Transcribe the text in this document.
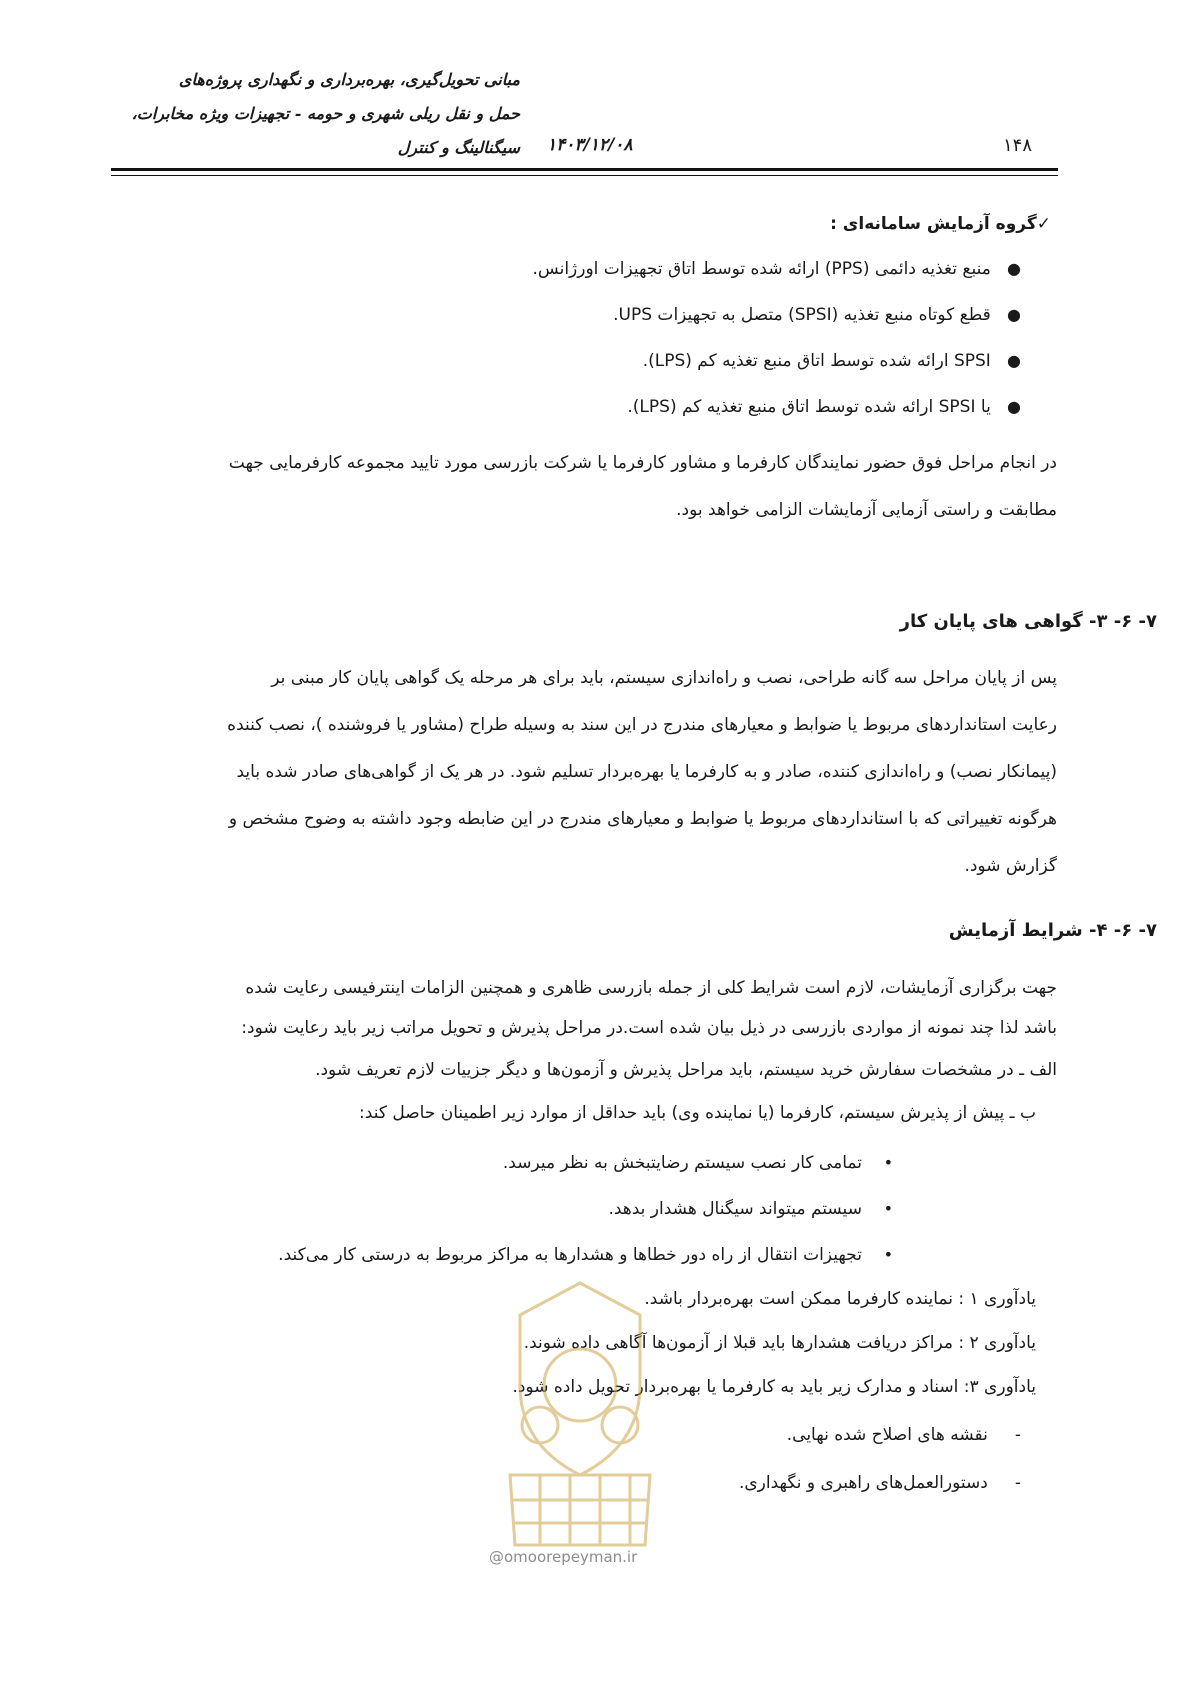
مبانی تحویل‌گیری، بهره‌برداری و نگهداری پروژه‌های
حمل و نقل ریلی شهری و حومه - تجهیزات ویژه مخابرات،
سیگنالینگ و کنترل ۱۴۰۳/۱۲/۰۸	۱۴۸
✓گروه آزمایش سامانه‌ای :
●   منبع تغذیه دائمی (PPS) ارائه شده توسط اتاق تجهیزات اورژانس.
●   قطع کوتاه منبع تغذیه (SPSI) متصل به تجهیزات UPS.
●   SPSI ارائه شده توسط اتاق منبع تغذیه کم (LPS).
●   یا SPSI ارائه شده توسط اتاق منبع تغذیه کم (LPS).
در انجام مراحل فوق حضور نمایندگان کارفرما و مشاور کارفرما یا شرکت بازرسی مورد تایید مجموعه کارفرمایی جهت
مطابقت و راستی آزمایی آزمایشات الزامی خواهد بود.
۷- ۶- ۳- گواهی های پایان کار
پس از پایان مراحل سه گانه طراحی، نصب و راه‌اندازی سیستم، باید برای هر مرحله یک گواهی پایان کار مبنی بر
رعایت استانداردهای مربوط یا ضوابط و معیارهای مندرج در این سند به وسیله طراح (مشاور یا فروشنده )، نصب کننده
(پیمانکار نصب) و راه‌اندازی کننده، صادر و به کارفرما یا بهره‌بردار تسلیم شود. در هر یک از گواهی‌های صادر شده باید
هرگونه تغییراتی که با استانداردهای مربوط یا ضوابط و معیارهای مندرج در این ضابطه وجود داشته به وضوح مشخص و
گزارش شود.
۷- ۶- ۴- شرایط آزمایش
جهت برگزاری آزمایشات، لازم است شرایط کلی از جمله بازرسی ظاهری و همچنین الزامات اینترفیسی رعایت شده
باشد لذا چند نمونه از مواردی بازرسی در ذیل بیان شده است.در مراحل پذیرش و تحویل مراتب زیر باید رعایت شود:
الف ـ در مشخصات سفارش خرید سیستم، باید مراحل پذیرش و آزمون‌ها و دیگر جزییات لازم تعریف شود.
ب ـ پیش از پذیرش سیستم، کارفرما (یا نماینده وی) باید حداقل از موارد زیر اطمینان حاصل کند:
•    تمامی کار نصب سیستم رضایتبخش به نظر میرسد.
•    سیستم میتواند سیگنال هشدار بدهد.
•    تجهیزات انتقال از راه دور خطاها و هشدارها به مراکز مربوط به درستی کار می‌کند.
یادآوری ۱ : نماینده کارفرما ممکن است بهره‌بردار باشد.
یادآوری ۲ : مراکز دریافت هشدارها باید قبلا از آزمون‌ها آگاهی داده شوند.
یادآوری ۳: اسناد و مدارک زیر باید به کارفرما یا بهره‌بردار تحویل داده شود.
-     نقشه های اصلاح شده نهایی.
-     دستورالعمل‌های راهبری و نگهداری.
@omoorepeyman.ir
